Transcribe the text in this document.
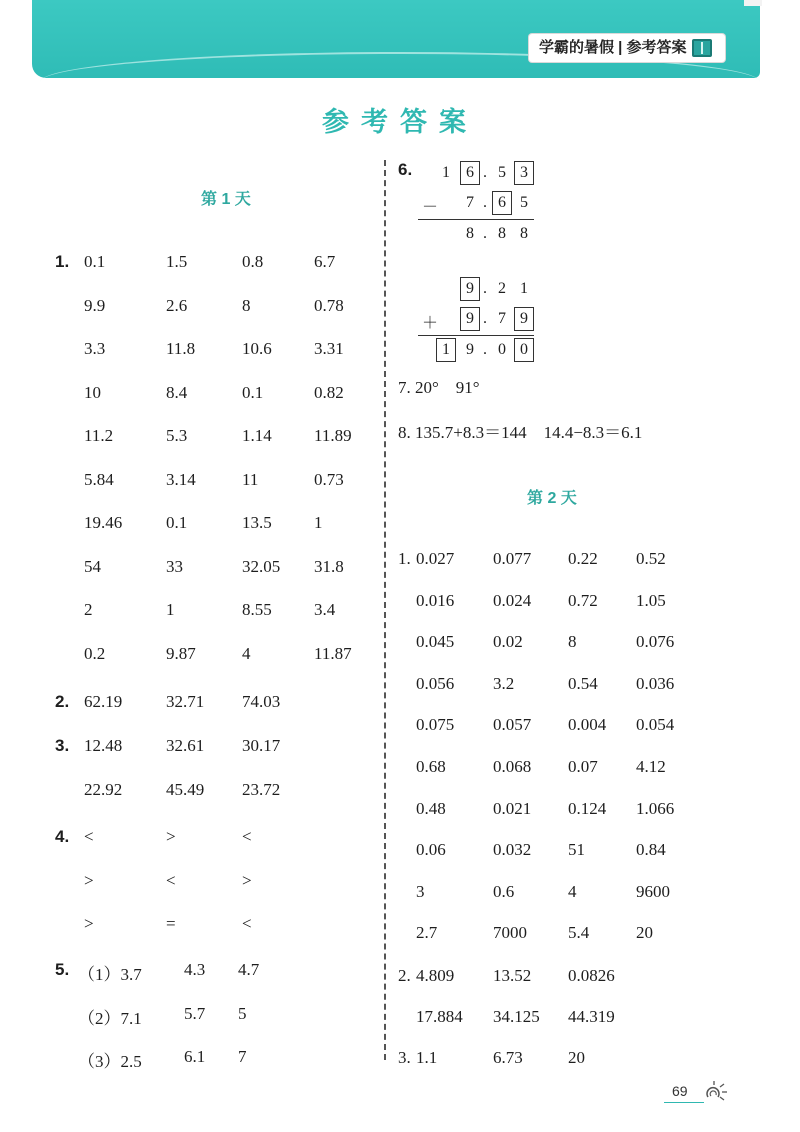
学霸的暑假 | 参考答案
参考答案
第 1 天
1. 0.1	1.5	0.8	6.7
9.9	2.6	8	0.78
3.3	11.8	10.6 3.31
10	8.4	0.1	0.82
11.2	5.3	1.14 11.89
5.84	3.14	11	0.73
19.46	0.1	13.5 1
54	33	32.05 31.8
2	1	8.55 3.4
0.2	9.87	4	11.87
2. 62.19	32.71 74.03
3. 12.48	32.61 30.17
22.92	45.49 23.72
4. <	>	<
>	<	>
>	=	<
5. （1）3.7 4.3 4.7
（2）7.1 5.7 5
（3）2.5 6.1 7
6.	1	6 . 5 3
－	7 . 6 5
8 . 8 8
9 . 2 1
＋	9 . 7 9
1	9 . 0 0
7. 20°    91°
8. 135.7+8.3＝144    14.4−8.3＝6.1
第 2 天
1. 0.027 0.077 0.22 0.52
0.016 0.024 0.72 1.05
0.045 0.02	8	0.076
0.056 3.2	0.54 0.036
0.075 0.057 0.004 0.054
0.68	0.068 0.07 4.12
0.48	0.021 0.124 1.066
0.06	0.032 51	0.84
3	0.6	4	9600
2.7	7000 5.4	20
2. 4.809 13.52 0.0826
17.884 34.125 44.319
3. 1.1	6.73	20
69
